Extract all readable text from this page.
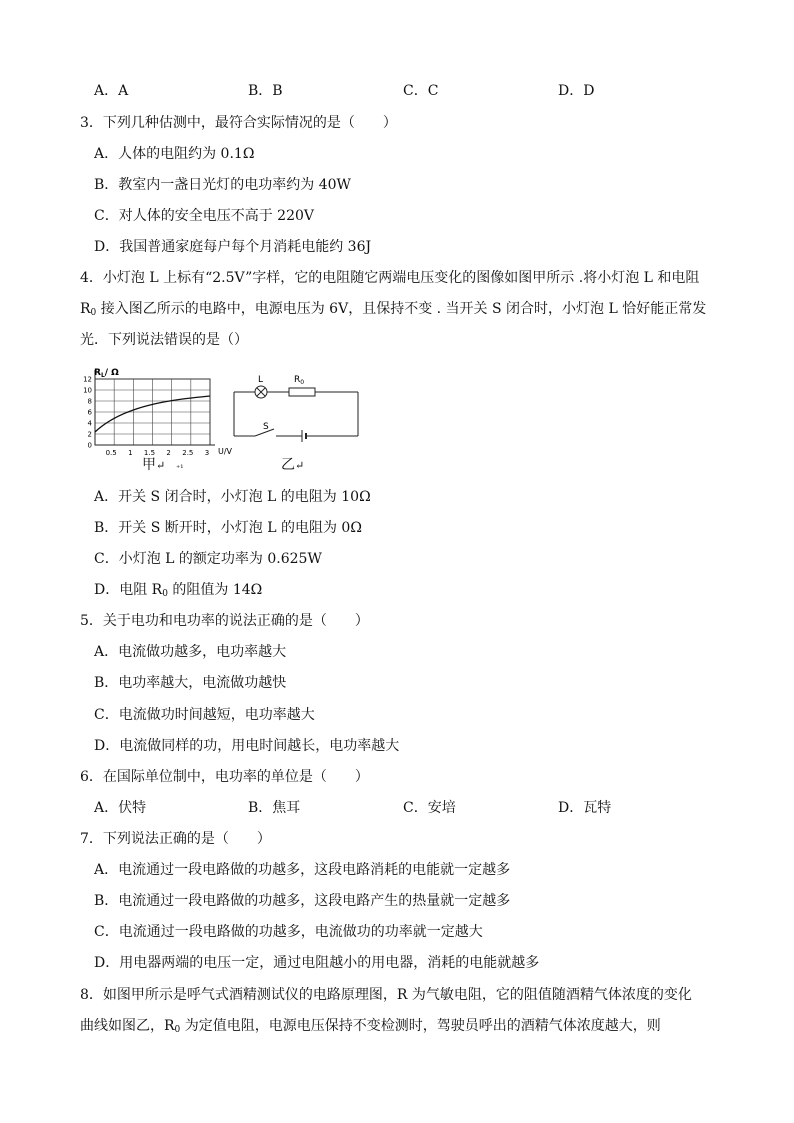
A．A	B．B	C．C	D．D
3．下列几种估测中，最符合实际情况的是（　　）
A．人体的电阻约为 0.1Ω
B．教室内一盏日光灯的电功率约为 40W
C．对人体的安全电压不高于 220V
D．我国普通家庭每户每个月消耗电能约 36J
4．小灯泡 L 上标有“2.5V”字样，它的电阻随它两端电压变化的图像如图甲所示 .将小灯泡 L 和电阻
$R_0$ 接入图乙所示的电路中，电源电压为 6V，且保持不变 . 当开关 S 闭合时，小灯泡 L 恰好能正常发
光．下列说法错误的是（）
$R_L/$ Ω
12
10
8
6
4
2
0
0.5 1 1.5 2 2.5 3 U/V
L	$R_0$
S
甲↵ ₊₁	乙↵
A．开关 S 闭合时，小灯泡 L 的电阻为 10Ω
B．开关 S 断开时，小灯泡 L 的电阻为 0Ω
C．小灯泡 L 的额定功率为 0.625W
D．电阻 $R_0$ 的阻值为 14Ω
5．关于电功和电功率的说法正确的是（　　）
A．电流做功越多，电功率越大
B．电功率越大，电流做功越快
C．电流做功时间越短，电功率越大
D．电流做同样的功，用电时间越长，电功率越大
6．在国际单位制中，电功率的单位是（　　）
A．伏特	B．焦耳	C．安培	D．瓦特
7．下列说法正确的是（　　）
A．电流通过一段电路做的功越多，这段电路消耗的电能就一定越多
B．电流通过一段电路做的功越多，这段电路产生的热量就一定越多
C．电流通过一段电路做的功越多，电流做功的功率就一定越大
D．用电器两端的电压一定，通过电阻越小的用电器，消耗的电能就越多
8．如图甲所示是呼气式酒精测试仪的电路原理图，R 为气敏电阻，它的阻值随酒精气体浓度的变化
曲线如图乙，$R_0$ 为定值电阻，电源电压保持不变检测时，驾驶员呼出的酒精气体浓度越大，则
